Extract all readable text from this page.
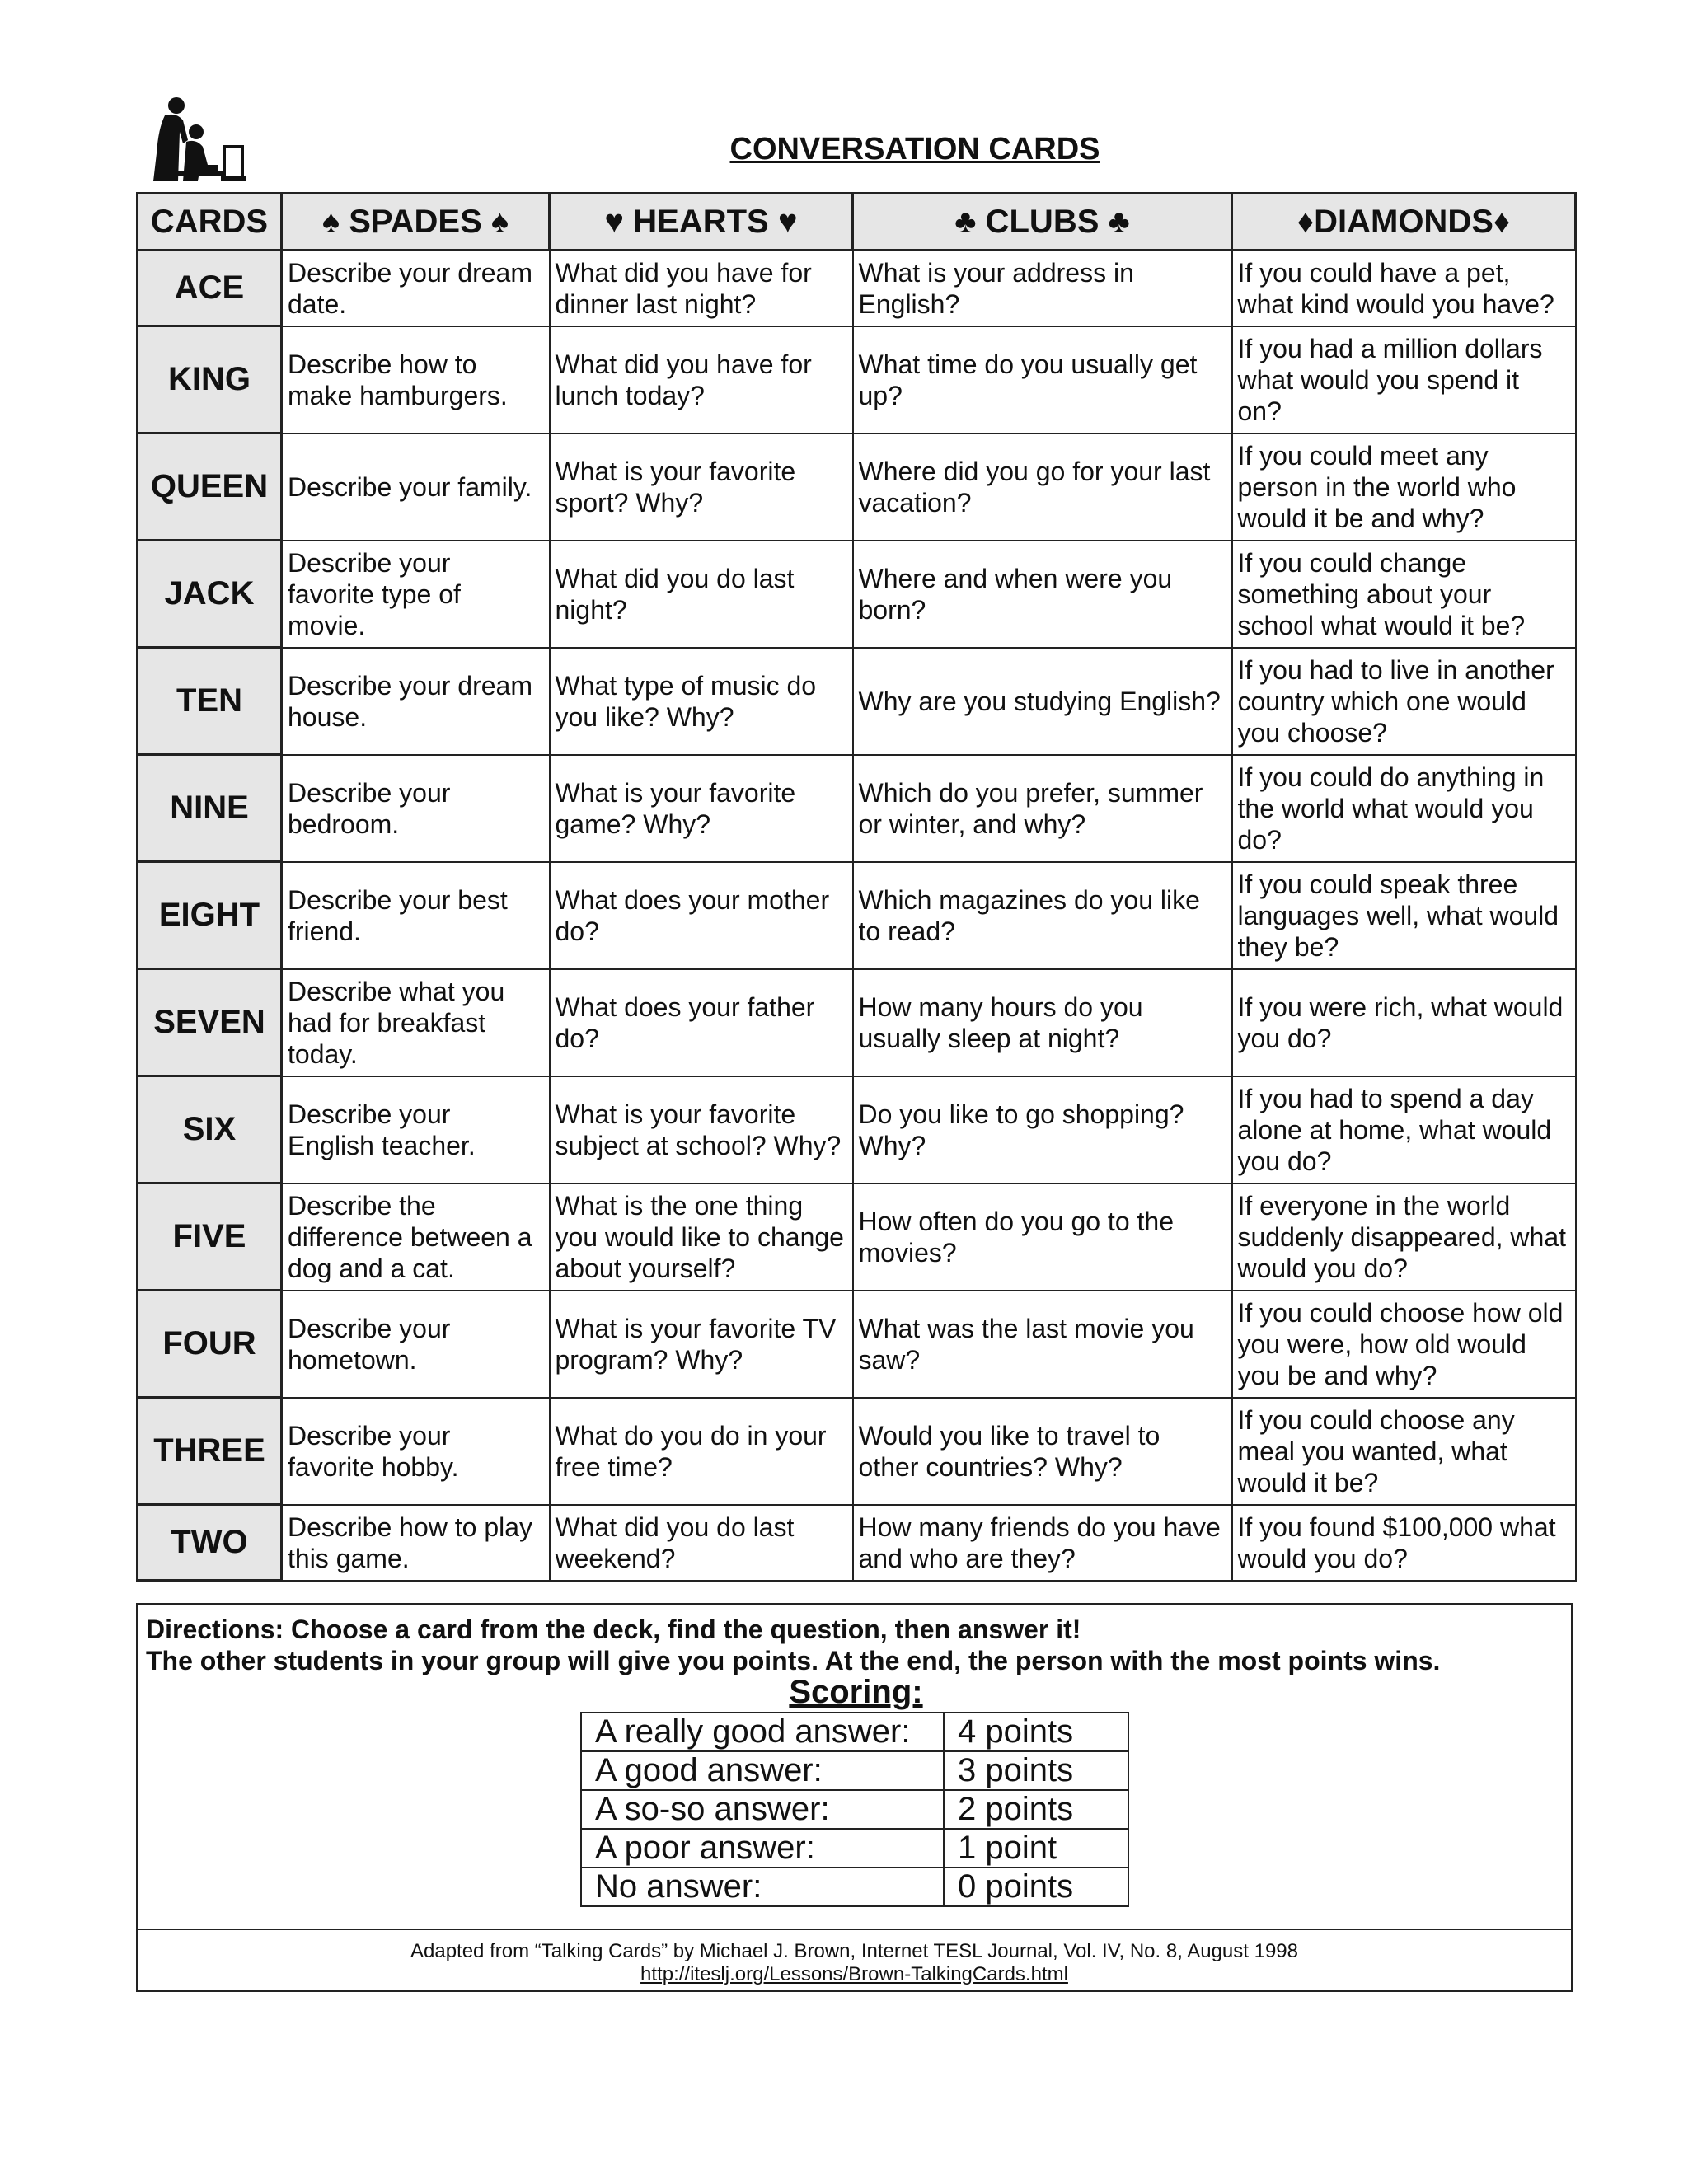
CONVERSATION CARDS
CARDS	♠ SPADES ♠	♥ HEARTS ♥	♣ CLUBS ♣	♦DIAMONDS♦
ACE	Describe your dream date.	What did you have for dinner last night?	What is your address in English?	If you could have a pet, what kind would you have?
KING	Describe how to make hamburgers.	What did you have for lunch today?	What time do you usually get up?	If you had a million dollars what would you spend it on?
QUEEN	Describe your family.	What is your favorite sport? Why?	Where did you go for your last vacation?	If you could meet any person in the world who would it be and why?
JACK	Describe your favorite type of movie.	What did you do last night?	Where and when were you born?	If you could change something about your school what would it be?
TEN	Describe your dream house.	What type of music do you like? Why?	Why are you studying English?	If you had to live in another country which one would you choose?
NINE	Describe your bedroom.	What is your favorite game? Why?	Which do you prefer, summer or winter, and why?	If you could do anything in the world what would you do?
EIGHT	Describe your best friend.	What does your mother do?	Which magazines do you like to read?	If you could speak three languages well, what would they be?
SEVEN	Describe what you had for breakfast today.	What does your father do?	How many hours do you usually sleep at night?	If you were rich, what would you do?
SIX	Describe your English teacher.	What is your favorite subject at school? Why?	Do you like to go shopping? Why?	If you had to spend a day alone at home, what would you do?
FIVE	Describe the difference between a dog and a cat.	What is the one thing you would like to change about yourself?	How often do you go to the movies?	If everyone in the world suddenly disappeared, what would you do?
FOUR	Describe your hometown.	What is your favorite TV program? Why?	What was the last movie you saw?	If you could choose how old you were, how old would you be and why?
THREE	Describe your favorite hobby.	What do you do in your free time?	Would you like to travel to other countries? Why?	If you could choose any meal you wanted, what would it be?
TWO	Describe how to play this game.	What did you do last weekend?	How many friends do you have and who are they?	If you found $100,000 what would you do?
Directions: Choose a card from the deck, find the question, then answer it!
The other students in your group will give you points. At the end, the person with the most points wins.
Scoring:
A really good answer:	4 points
A good answer:	3 points
A so-so answer:	2 points
A poor answer:	1 point
No answer:	0 points
Adapted from “Talking Cards” by Michael J. Brown, Internet TESL Journal, Vol. IV, No. 8, August 1998
http://iteslj.org/Lessons/Brown-TalkingCards.html
